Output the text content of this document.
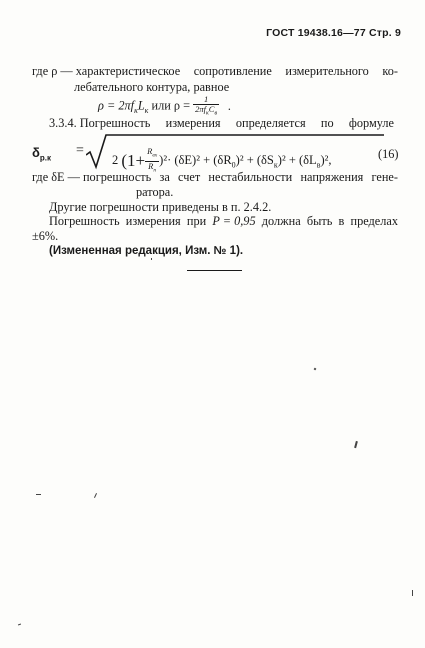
ГОСТ 19438.16—77 Стр. 9
где ρ — характеристическое сопротивление измерительного ко-
лебательного контура, равное
$\rho = 2\pi f_кL_к$ или $\rho = \frac{1}{2\pi f_кC_в}$ .
3.3.4. Погрешность измерения определяется по формуле
$\delta_{р.к}$
=
2 $(1+ \frac{R_{вх}}{R_п} )^2\cdot (\delta E)^2 + (\delta R_0)^2 + (\delta S_к)^2 + (\delta L_в)^2$,	(16)
где δE — погрешность за счет нестабильности напряжения гене-
ратора.
Другие погрешности приведены в п. 2.4.2.
Погрешность измерения при P = 0,95 должна быть в пределах
±6%.
(Измененная редакция, Изм. № 1).
